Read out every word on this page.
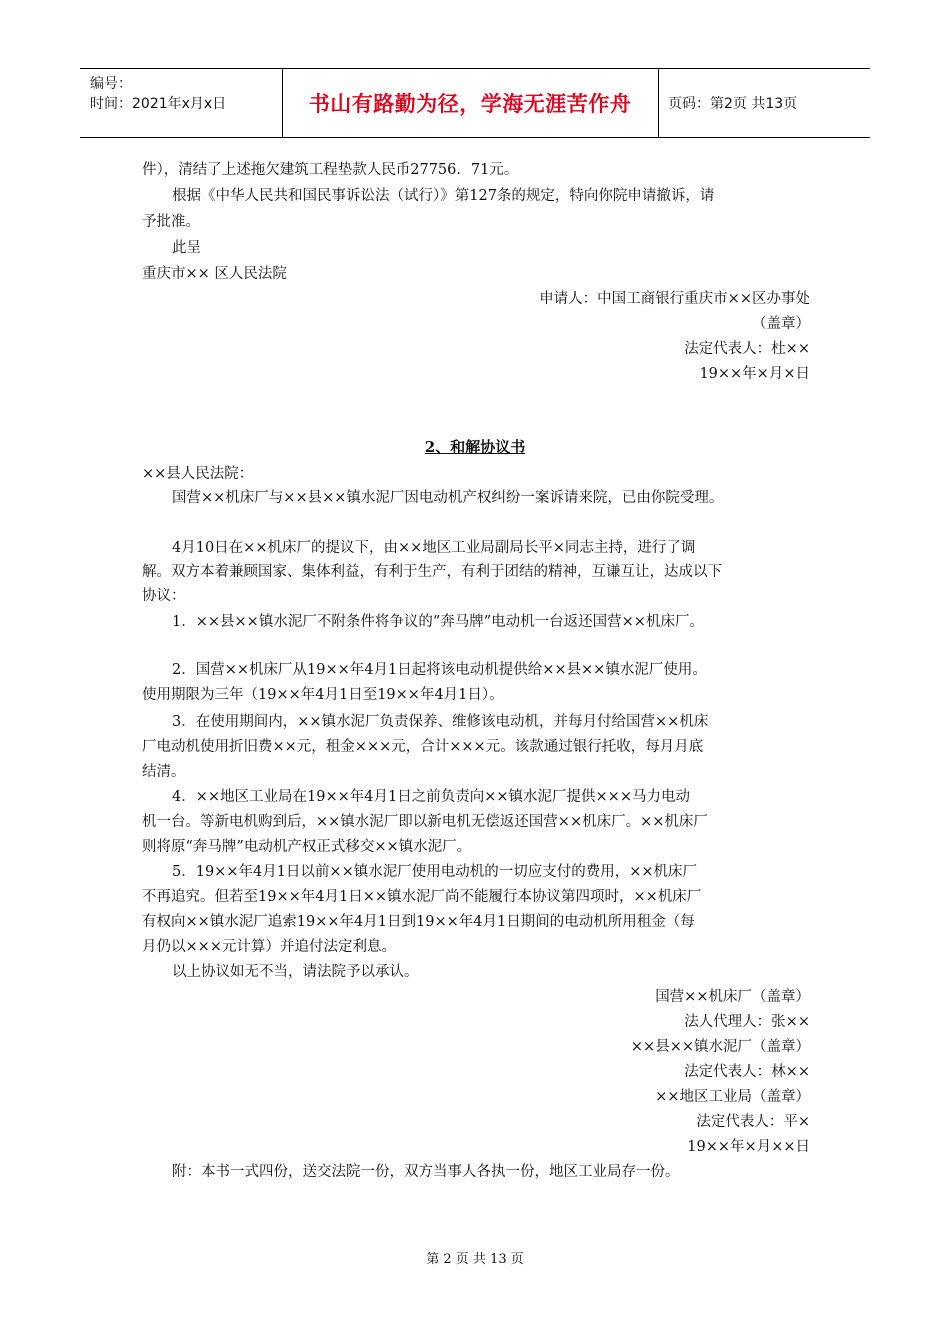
编号：
时间：2021年x月x日	书山有路勤为径，学海无涯苦作舟	页码：第2页 共13页
件），清结了上述拖欠建筑工程垫款人民币27756．71元。
根据《中华人民共和国民事诉讼法（试行）》第127条的规定，特向你院申请撤诉，请
予批准。
此呈
重庆市×× 区人民法院
申请人：中国工商银行重庆市××区办事处
（盖章）
法定代表人：杜××
19××年×月×日
2、和解协议书
××县人民法院：
国营××机床厂与××县××镇水泥厂因电动机产权纠纷一案诉请来院，已由你院受理。
4月10日在××机床厂的提议下，由××地区工业局副局长平×同志主持，进行了调
解。双方本着兼顾国家、集体利益，有利于生产，有利于团结的精神，互谦互让，达成以下
协议：
1．××县××镇水泥厂不附条件将争议的“奔马牌”电动机一台返还国营××机床厂。
2．国营××机床厂从19××年4月1日起将该电动机提供给××县××镇水泥厂使用。
使用期限为三年（19××年4月1日至19××年4月1日）。
3．在使用期间内，××镇水泥厂负责保养、维修该电动机，并每月付给国营××机床
厂电动机使用折旧费××元，租金×××元，合计×××元。该款通过银行托收，每月月底
结清。
4．××地区工业局在19××年4月1日之前负责向××镇水泥厂提供×××马力电动
机一台。等新电机购到后，××镇水泥厂即以新电机无偿返还国营××机床厂。××机床厂
则将原“奔马牌”电动机产权正式移交××镇水泥厂。
5．19××年4月1日以前××镇水泥厂使用电动机的一切应支付的费用，××机床厂
不再追究。但若至19××年4月1日××镇水泥厂尚不能履行本协议第四项时，××机床厂
有权向××镇水泥厂追索19××年4月1日到19××年4月1日期间的电动机所用租金（每
月仍以×××元计算）并追付法定利息。
以上协议如无不当，请法院予以承认。
国营××机床厂（盖章）
法人代理人：张××
××县××镇水泥厂（盖章）
法定代表人：林××
××地区工业局（盖章）
法定代表人：平×
19××年×月××日
附：本书一式四份，送交法院一份，双方当事人各执一份，地区工业局存一份。
第 2 页 共 13 页
